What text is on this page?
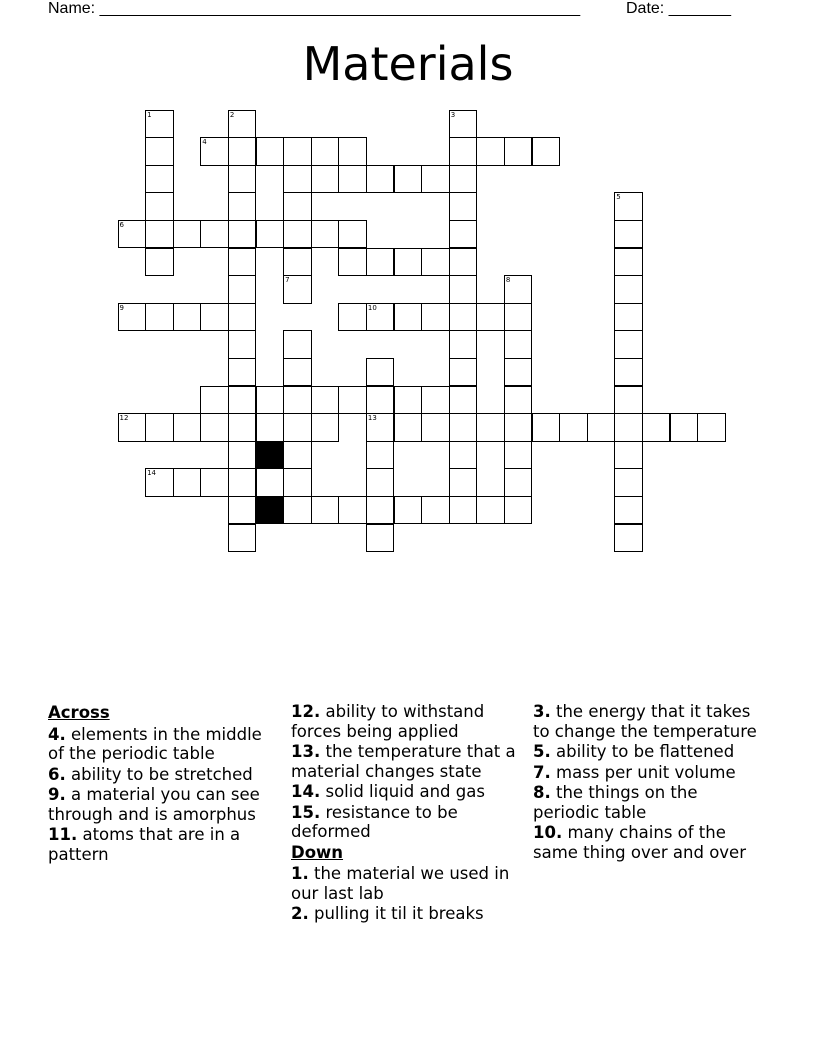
Name: ______________________________________________________	Date: _______
Materials
1	2
4
6
9
12
14
7
13
3
8
5
10
Across
4. elements in the middle of the periodic table
6. ability to be stretched
9. a material you can see through and is amorphus
11. atoms that are in a pattern
12. ability to withstand forces being applied
13. the temperature that a material changes state
14. solid liquid and gas
15. resistance to be deformed
Down
1. the material we used in our last lab
2. pulling it til it breaks
3. the energy that it takes to change the temperature
5. ability to be flattened
7. mass per unit volume
8. the things on the periodic table
10. many chains of the same thing over and over
